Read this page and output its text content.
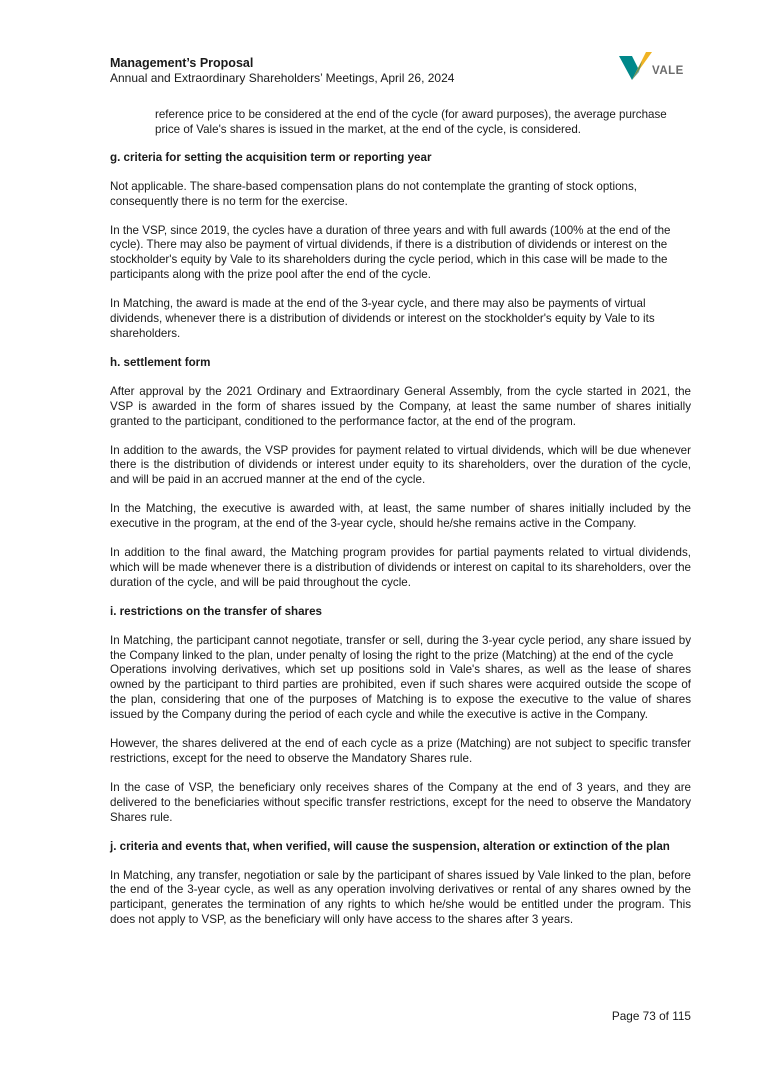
Management’s Proposal
Annual and Extraordinary Shareholders’ Meetings, April 26, 2024	VALE

reference price to be considered at the end of the cycle (for award purposes), the average purchase price of Vale's shares is issued in the market, at the end of the cycle, is considered.

g. criteria for setting the acquisition term or reporting year

Not applicable. The share-based compensation plans do not contemplate the granting of stock options, consequently there is no term for the exercise.

In the VSP, since 2019, the cycles have a duration of three years and with full awards (100% at the end of the cycle). There may also be payment of virtual dividends, if there is a distribution of dividends or interest on the stockholder's equity by Vale to its shareholders during the cycle period, which in this case will be made to the participants along with the prize pool after the end of the cycle.

In Matching, the award is made at the end of the 3-year cycle, and there may also be payments of virtual dividends, whenever there is a distribution of dividends or interest on the stockholder's equity by Vale to its shareholders.

h. settlement form

After approval by the 2021 Ordinary and Extraordinary General Assembly, from the cycle started in 2021, the VSP is awarded in the form of shares issued by the Company, at least the same number of shares initially granted to the participant, conditioned to the performance factor, at the end of the program.

In addition to the awards, the VSP provides for payment related to virtual dividends, which will be due whenever there is the distribution of dividends or interest under equity to its shareholders, over the duration of the cycle, and will be paid in an accrued manner at the end of the cycle.

In the Matching, the executive is awarded with, at least, the same number of shares initially included by the executive in the program, at the end of the 3-year cycle, should he/she remains active in the Company.

In addition to the final award, the Matching program provides for partial payments related to virtual dividends, which will be made whenever there is a distribution of dividends or interest on capital to its shareholders, over the duration of the cycle, and will be paid throughout the cycle.

i. restrictions on the transfer of shares

In Matching, the participant cannot negotiate, transfer or sell, during the 3-year cycle period, any share issued by the Company linked to the plan, under penalty of losing the right to the prize (Matching) at the end of the cycle

Operations involving derivatives, which set up positions sold in Vale's shares, as well as the lease of shares owned by the participant to third parties are prohibited, even if such shares were acquired outside the scope of the plan, considering that one of the purposes of Matching is to expose the executive to the value of shares issued by the Company during the period of each cycle and while the executive is active in the Company.

However, the shares delivered at the end of each cycle as a prize (Matching) are not subject to specific transfer restrictions, except for the need to observe the Mandatory Shares rule.

In the case of VSP, the beneficiary only receives shares of the Company at the end of 3 years, and they are delivered to the beneficiaries without specific transfer restrictions, except for the need to observe the Mandatory Shares rule.

j. criteria and events that, when verified, will cause the suspension, alteration or extinction of the plan

In Matching, any transfer, negotiation or sale by the participant of shares issued by Vale linked to the plan, before the end of the 3-year cycle, as well as any operation involving derivatives or rental of any shares owned by the participant, generates the termination of any rights to which he/she would be entitled under the program. This does not apply to VSP, as the beneficiary will only have access to the shares after 3 years.

Page 73 of 115
